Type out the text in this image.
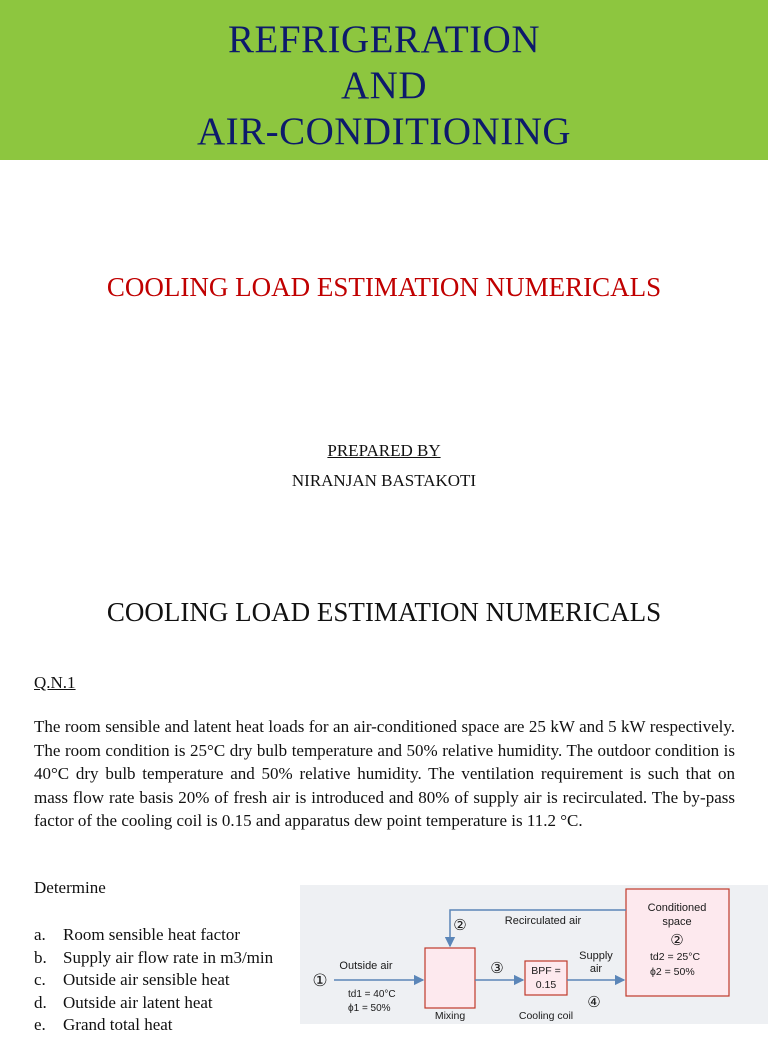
REFRIGERATION
AND
AIR-CONDITIONING
COOLING LOAD ESTIMATION NUMERICALS
PREPARED BY
NIRANJAN BASTAKOTI
COOLING LOAD ESTIMATION NUMERICALS
Q.N.1
The room sensible and latent heat loads for an air-conditioned space are 25 kW and 5 kW respectively. The room condition is 25°C dry bulb temperature and 50% relative humidity. The outdoor condition is 40°C dry bulb temperature and 50% relative humidity. The ventilation requirement is such that on mass flow rate basis 20% of fresh air is introduced and 80% of supply air is recirculated. The by-pass factor of the cooling coil is 0.15 and apparatus dew point temperature is 11.2 °C.
Determine
a. Room sensible heat factor
b. Supply air flow rate in m3/min
c. Outside air sensible heat
d. Outside air latent heat
e. Grand total heat
①
②
③
④
②
Outside air
td1 = 40°C
ϕ1 = 50%
Recirculated air
Mixing
BPF =
0.15
Cooling coil
Supply
air
Conditioned
space
td2 = 25°C
ϕ2 = 50%
